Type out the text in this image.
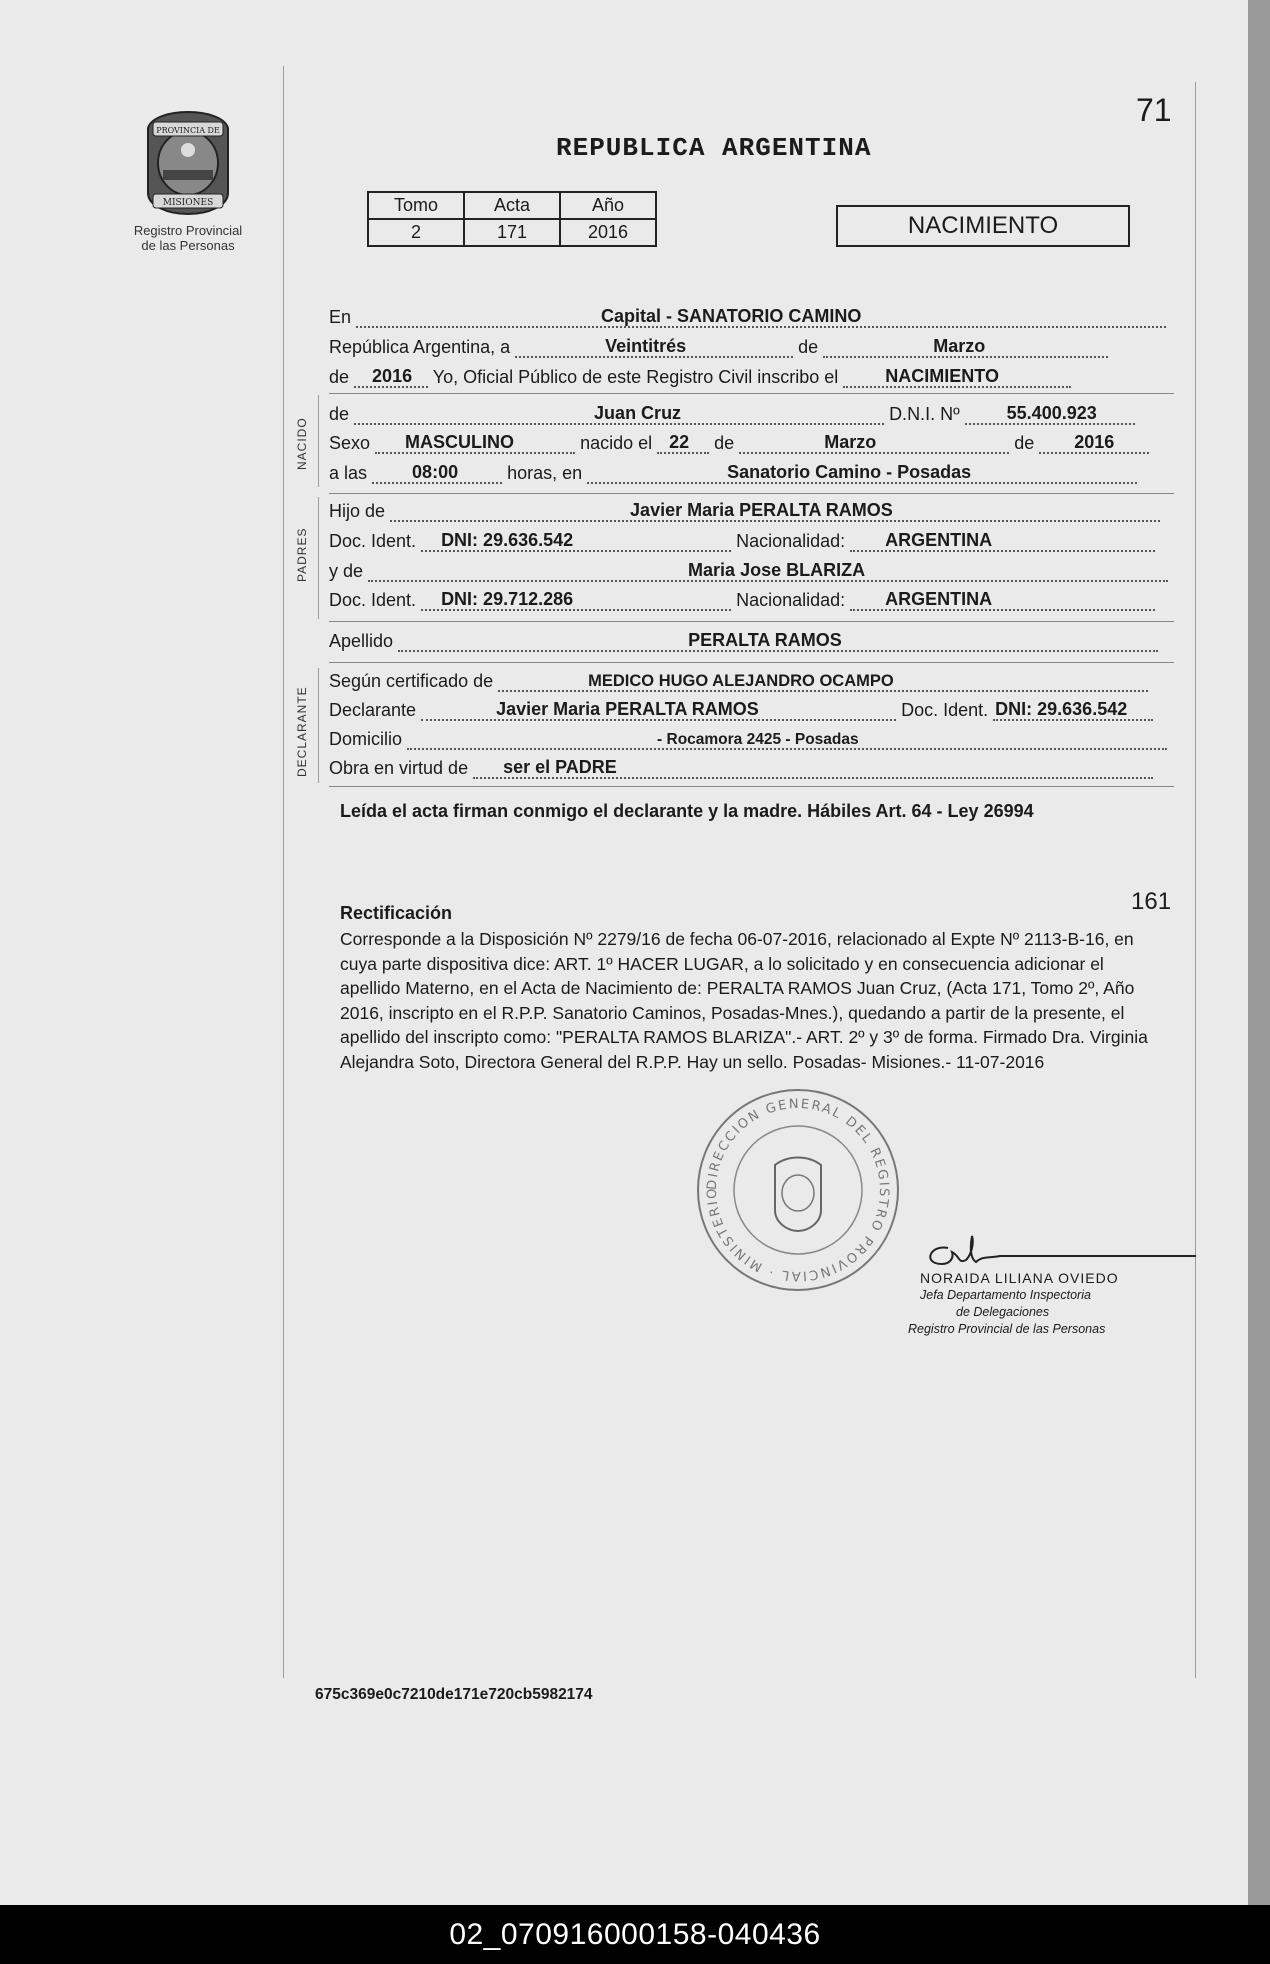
PROVINCIA DE
MISIONES
Registro Provincial
de las Personas
71
REPUBLICA ARGENTINA
Tomo	Acta	Año
2	171	2016	NACIMIENTO
NACIDO
PADRES
DECLARANTE
En	Capital - SANATORIO CAMINO
República Argentina, a	Veintitrés	de	Marzo
de 2016 Yo, Oficial Público de este Registro Civil inscribo el	NACIMIENTO
de	Juan Cruz	D.N.I. Nº	55.400.923
Sexo MASCULINO	nacido el 22 de	Marzo	de 2016
a las	08:00	horas, en	Sanatorio Camino - Posadas
Hijo de	Javier Maria PERALTA RAMOS
Doc. Ident. DNI: 29.636.542	Nacionalidad: ARGENTINA
y de	Maria Jose BLARIZA
Doc. Ident. DNI: 29.712.286	Nacionalidad: ARGENTINA
Apellido	PERALTA RAMOS
Según certificado de	MEDICO HUGO ALEJANDRO OCAMPO
Declarante	Javier Maria PERALTA RAMOS	Doc. Ident. DNI: 29.636.542
Domicilio	- Rocamora 2425 - Posadas
Obra en virtud de ser el PADRE
Leída el acta firman conmigo el declarante y la madre. Hábiles Art. 64 - Ley 26994
161
Rectificación
Corresponde a la Disposición Nº 2279/16 de fecha 06-07-2016, relacionado al Expte Nº 2113-B-16, en cuya parte dispositiva dice: ART. 1º HACER LUGAR, a lo solicitado y en consecuencia adicionar el apellido Materno, en el Acta de Nacimiento de: PERALTA RAMOS Juan Cruz, (Acta 171, Tomo 2º, Año 2016, inscripto en el R.P.P. Sanatorio Caminos, Posadas-Mnes.), quedando a partir de la presente, el apellido del inscripto como: "PERALTA RAMOS BLARIZA".- ART. 2º y 3º de forma. Firmado Dra. Virginia Alejandra Soto, Directora General del R.P.P. Hay un sello. Posadas- Misiones.- 11-07-2016
DIRECCION GENERAL DEL REGISTRO PROVINCIAL · MINISTERIO
NORAIDA LILIANA OVIEDO
Jefa Departamento Inspectoria
de Delegaciones
Registro Provincial de las Personas
675c369e0c7210de171e720cb5982174
02_070916000158-040436
